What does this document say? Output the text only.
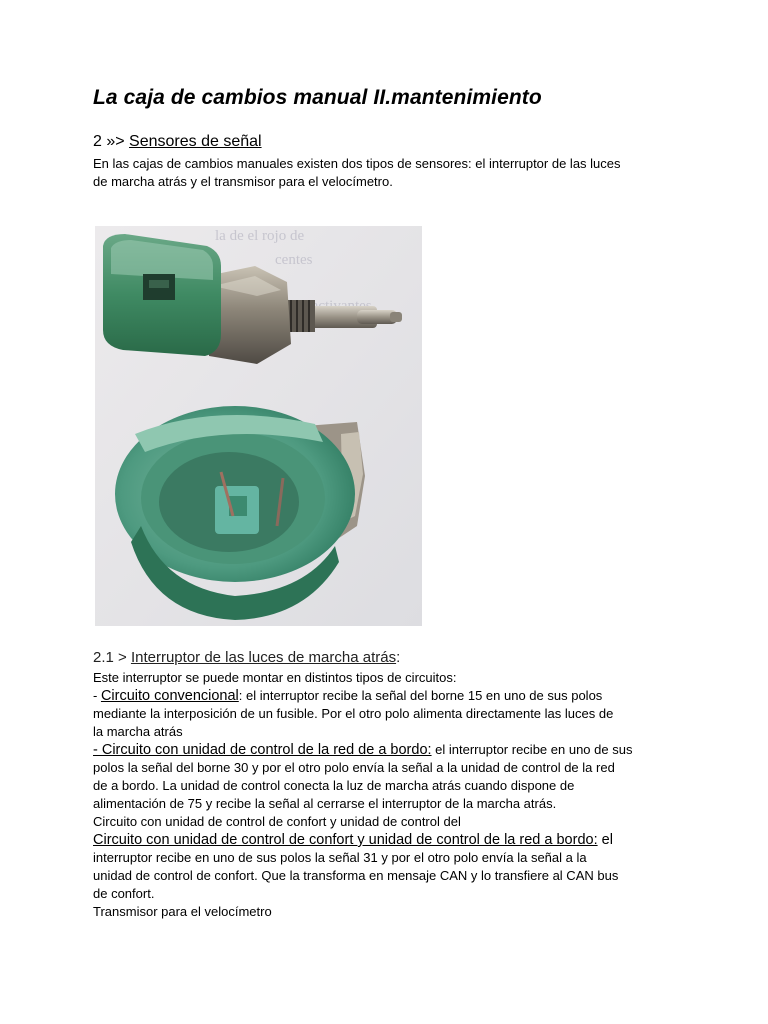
La caja de cambios manual II.mantenimiento
2 »> Sensores de señal
En las cajas de cambios manuales existen dos tipos de sensores: el interruptor de las luces
de marcha atrás y el transmisor para el velocímetro.
la de el rojo de
centes
2.1 > Interruptor de las luces de marcha atrás:
Este interruptor se puede montar en distintos tipos de circuitos:
- Circuito convencional: el interruptor recibe la señal del borne 15 en uno de sus polos
mediante la interposición de un fusible. Por el otro polo alimenta directamente las luces de
la marcha atrás
- Circuito con unidad de control de la red de a bordo: el interruptor recibe en uno de sus
polos la señal del borne 30 y por el otro polo envía la señal a la unidad de control de la red
de a bordo. La unidad de control conecta la luz de marcha atrás cuando dispone de
alimentación de 75 y recibe la señal al cerrarse el interruptor de la marcha atrás.
Circuito con unidad de control de confort y unidad de control del
Circuito con unidad de control de confort y unidad de control de la red a bordo: el
interruptor recibe en uno de sus polos la señal 31 y por el otro polo envía la señal a la
unidad de control de confort. Que la transforma en mensaje CAN y lo transfiere al CAN bus
de confort.
Transmisor para el velocímetro
